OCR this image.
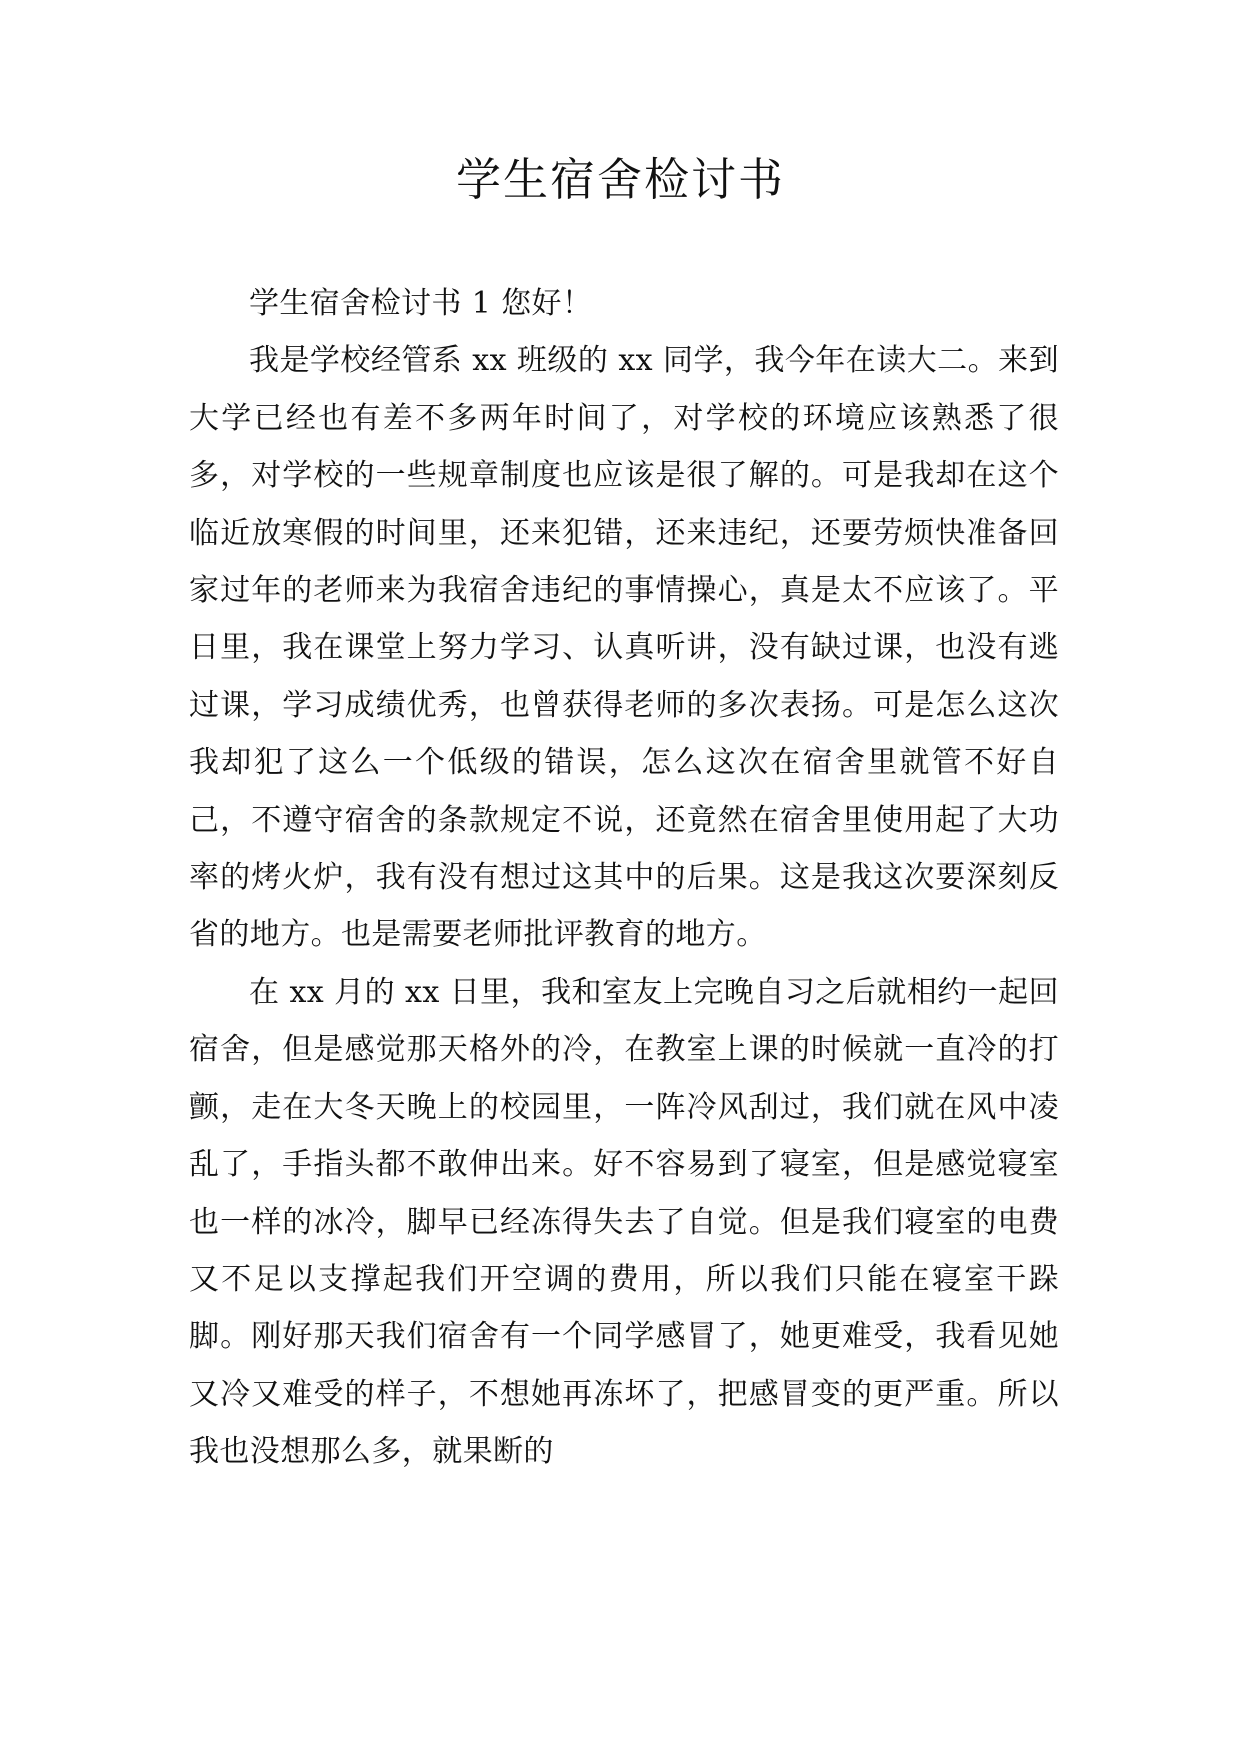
学生宿舍检讨书

学生宿舍检讨书 1 您好！

我是学校经管系 xx 班级的 xx 同学，我今年在读大二。来到大学已经也有差不多两年时间了，对学校的环境应该熟悉了很多，对学校的一些规章制度也应该是很了解的。可是我却在这个临近放寒假的时间里，还来犯错，还来违纪，还要劳烦快准备回家过年的老师来为我宿舍违纪的事情操心，真是太不应该了。平日里，我在课堂上努力学习、认真听讲，没有缺过课，也没有逃过课，学习成绩优秀，也曾获得老师的多次表扬。可是怎么这次我却犯了这么一个低级的错误，怎么这次在宿舍里就管不好自己，不遵守宿舍的条款规定不说，还竟然在宿舍里使用起了大功率的烤火炉，我有没有想过这其中的后果。这是我这次要深刻反省的地方。也是需要老师批评教育的地方。

在 xx 月的 xx 日里，我和室友上完晚自习之后就相约一起回宿舍，但是感觉那天格外的冷，在教室上课的时候就一直冷的打颤，走在大冬天晚上的校园里，一阵冷风刮过，我们就在风中凌乱了，手指头都不敢伸出来。好不容易到了寝室，但是感觉寝室也一样的冰冷，脚早已经冻得失去了自觉。但是我们寝室的电费又不足以支撑起我们开空调的费用，所以我们只能在寝室干跺脚。刚好那天我们宿舍有一个同学感冒了，她更难受，我看见她又冷又难受的样子，不想她再冻坏了，把感冒变的更严重。所以我也没想那么多，就果断的
